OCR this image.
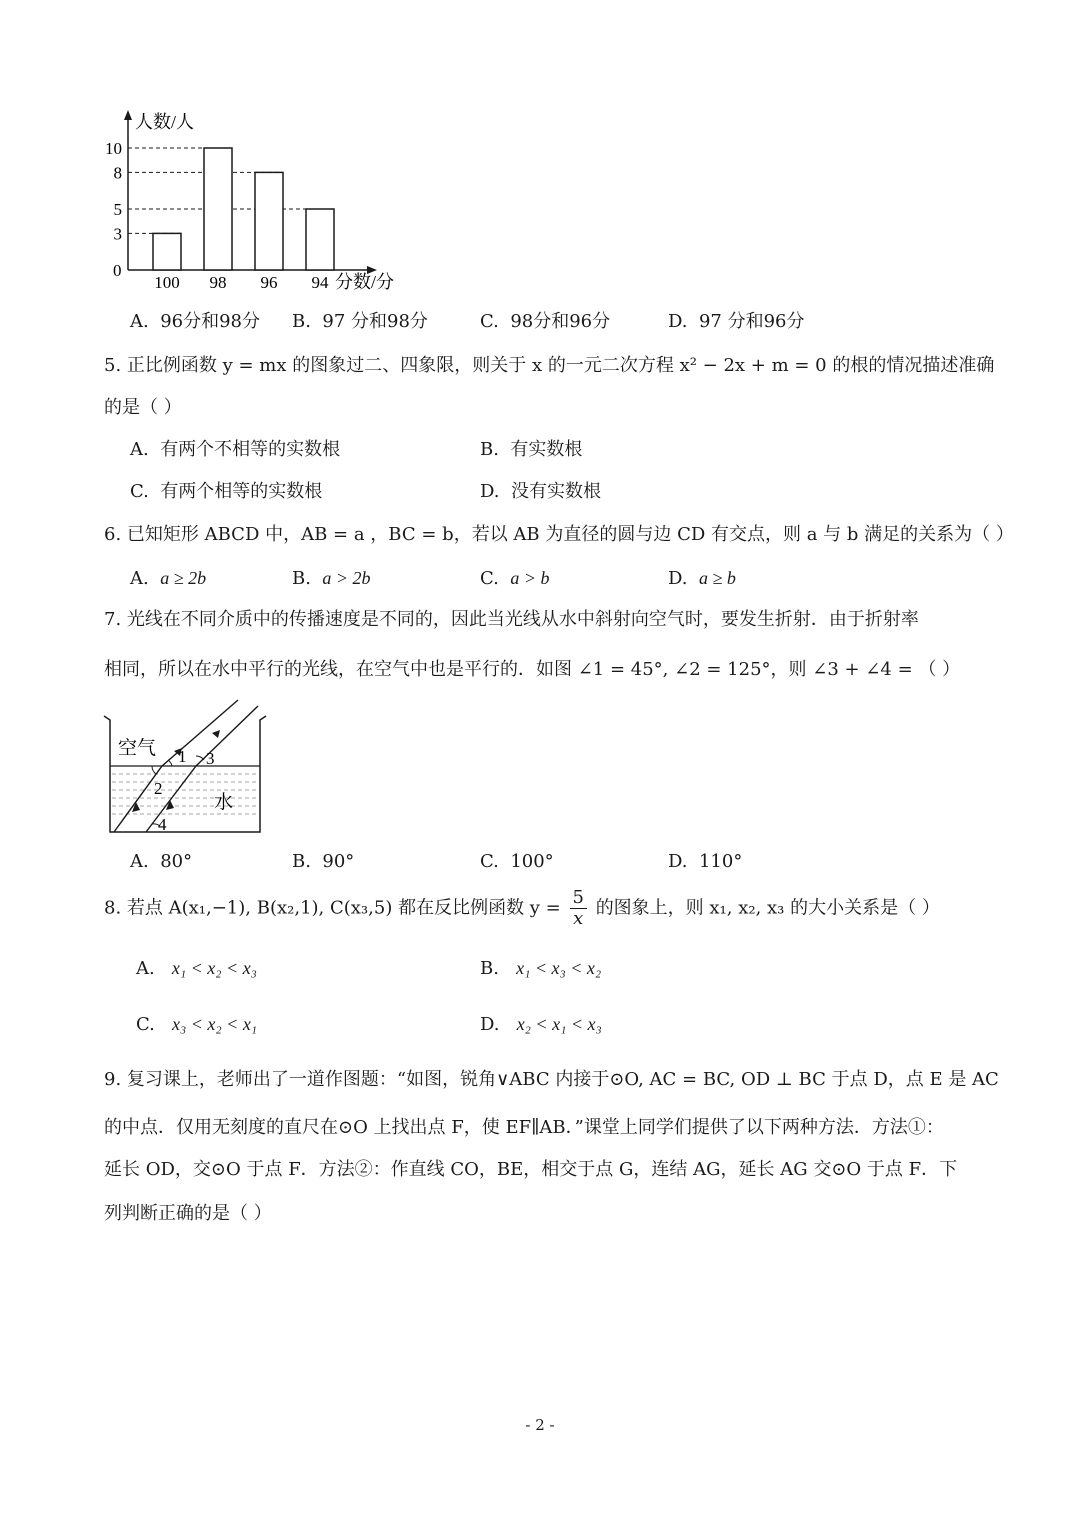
人数/人
分数/分
0
100 98 96 94
10
8
5
3
A. 96分和98分 B. 97 分和98分	C. 98分和96分	D. 97 分和96分
5. 正比例函数 y = mx 的图象过二、四象限，则关于 x 的一元二次方程 x² − 2x + m = 0 的根的情况描述准确
的是（ ）
A. 有两个不相等的实数根	B. 有实数根
C. 有两个相等的实数根	D. 没有实数根
6. 已知矩形 ABCD 中，AB = a ，BC = b，若以 AB 为直径的圆与边 CD 有交点，则 a 与 b 满足的关系为（ ）
A. a ≥ 2b	B. a > 2b	C. a > b	D. a ≥ b
7. 光线在不同介质中的传播速度是不同的，因此当光线从水中斜射向空气时，要发生折射．由于折射率
相同，所以在水中平行的光线，在空气中也是平行的．如图 ∠1 = 45°, ∠2 = 125°，则 ∠3 + ∠4 = （ ）
空气
水
1
2
3
4
A. 80°	B. 90°	C. 100°	D. 110°
8. 若点 A(x₁,−1), B(x₂,1), C(x₃,5) 都在反比例函数 $y = \frac{5}{x}$ 的图象上，则 x₁, x₂, x₃ 的大小关系是（ ）
A. x₁ < x₂ < x₃	B. x₁ < x₃ < x₂
C. x₃ < x₂ < x₁	D. x₂ < x₁ < x₃
9. 复习课上，老师出了一道作图题：“如图，锐角∨ABC 内接于⊙O, AC = BC, OD ⊥ BC 于点 D，点 E 是 AC
的中点．仅用无刻度的直尺在⊙O 上找出点 F，使 EF∥AB．”课堂上同学们提供了以下两种方法．方法①：
延长 OD，交⊙O 于点 F．方法②：作直线 CO，BE，相交于点 G，连结 AG，延长 AG 交⊙O 于点 F．下
列判断正确的是（ ）
- 2 -
